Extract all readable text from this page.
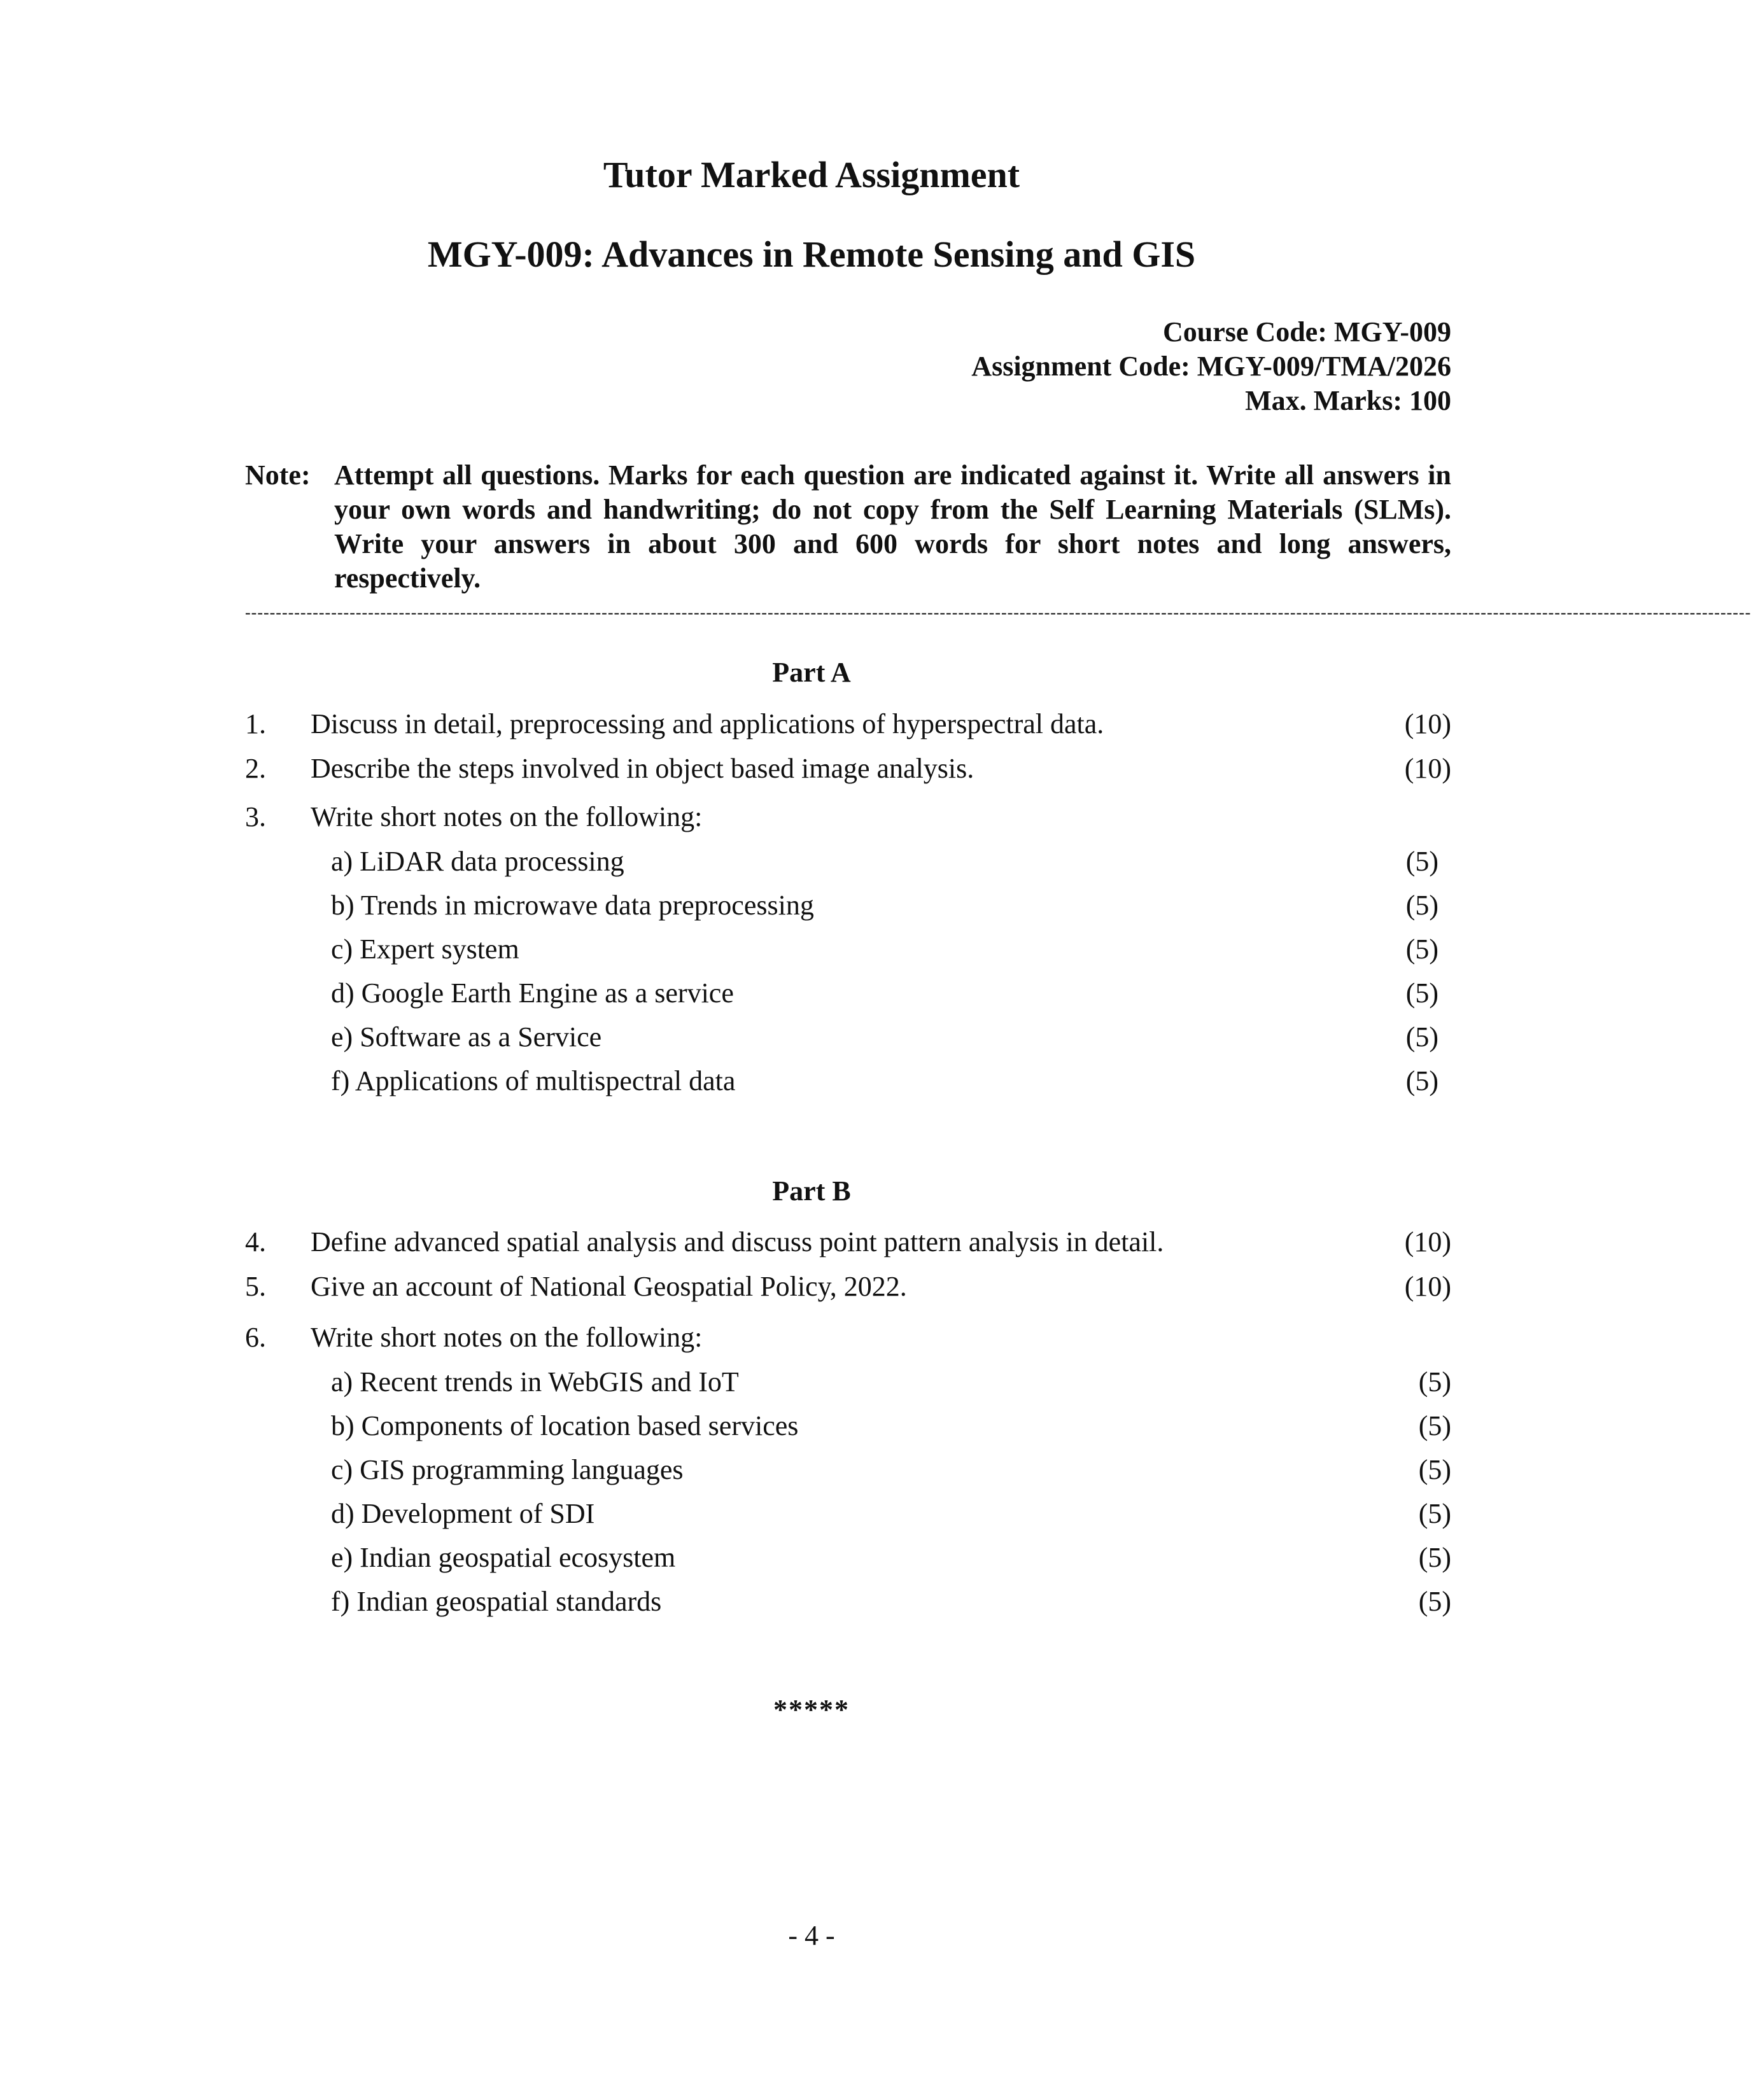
Tutor Marked Assignment
MGY-009: Advances in Remote Sensing and GIS
Course Code: MGY-009
Assignment Code: MGY-009/TMA/2026
Max. Marks: 100
Note: Attempt all questions. Marks for each question are indicated against it. Write all answers in your own words and handwriting; do not copy from the Self Learning Materials (SLMs). Write your answers in about 300 and 600 words for short notes and long answers, respectively.
-----------------------------------------------------------------------------------------------------------------------------------------------------------------------------------------------------------------------------------------------------
Part A
1. Discuss in detail, preprocessing and applications of hyperspectral data.	(10)
2. Describe the steps involved in object based image analysis.	(10)
3. Write short notes on the following:
a) LiDAR data processing	(5)
b) Trends in microwave data preprocessing	(5)
c) Expert system	(5)
d) Google Earth Engine as a service	(5)
e) Software as a Service	(5)
f) Applications of multispectral data	(5)
Part B
4. Define advanced spatial analysis and discuss point pattern analysis in detail.	(10)
5. Give an account of National Geospatial Policy, 2022.	(10)
6. Write short notes on the following:
a) Recent trends in WebGIS and IoT	(5)
b) Components of location based services	(5)
c) GIS programming languages	(5)
d) Development of SDI	(5)
e) Indian geospatial ecosystem	(5)
f) Indian geospatial standards	(5)
*****
- 4 -
